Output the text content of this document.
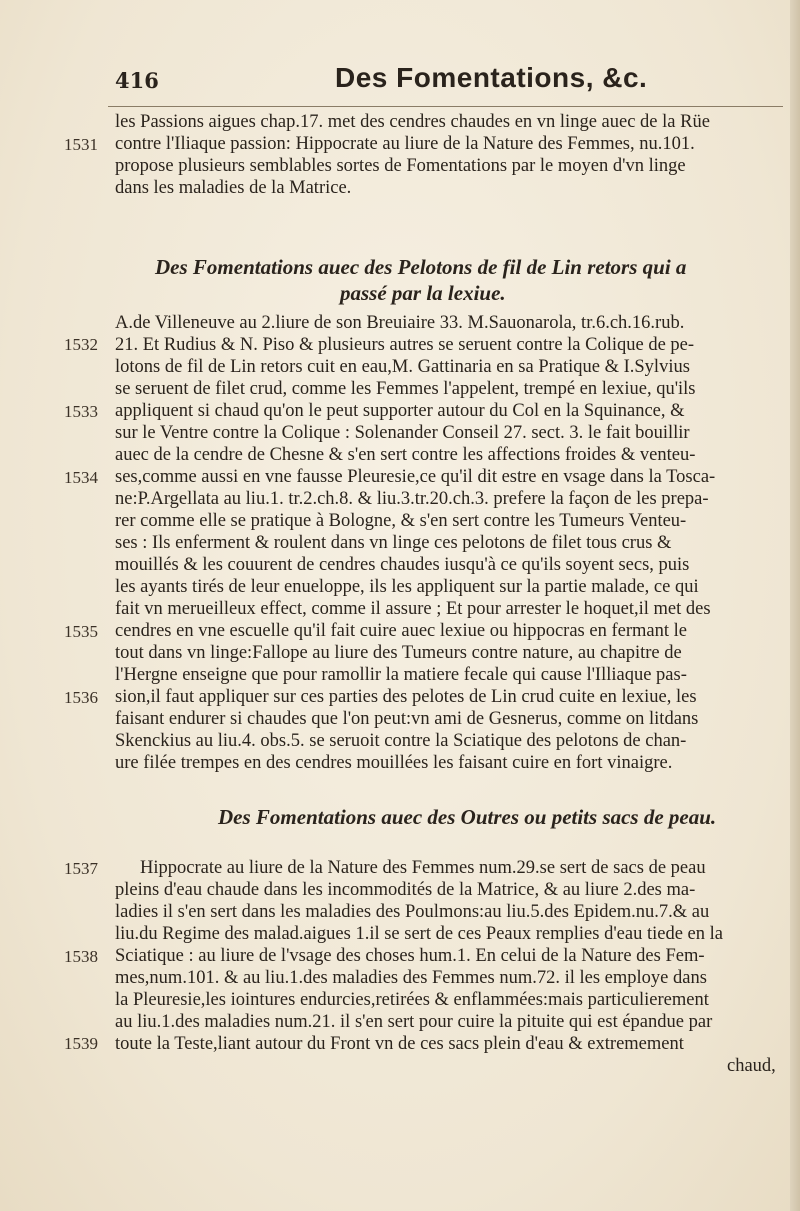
416	Des Fomentations, &c.
les Passions aigues chap.17. met des cendres chaudes en vn linge auec de la Rüe
contre l'Iliaque passion: Hippocrate au liure de la Nature des Femmes, nu.101.
propose plusieurs semblables sortes de Fomentations par le moyen d'vn linge
dans les maladies de la Matrice.
Des Fomentations auec des Pelotons de fil de Lin retors qui a
passé par la lexiue.
A.de Villeneuve au 2.liure de son Breuiaire 33. M.Sauonarola, tr.6.ch.16.rub.
21. Et Rudius & N. Piso & plusieurs autres se seruent contre la Colique de pe-
lotons de fil de Lin retors cuit en eau,M. Gattinaria en sa Pratique & I.Sylvius
se seruent de filet crud, comme les Femmes l'appelent, trempé en lexiue, qu'ils
appliquent si chaud qu'on le peut supporter autour du Col en la Squinance, &
sur le Ventre contre la Colique : Solenander Conseil 27. sect. 3. le fait bouillir
auec de la cendre de Chesne & s'en sert contre les affections froides & venteu-
ses,comme aussi en vne fausse Pleuresie,ce qu'il dit estre en vsage dans la Tosca-
ne:P.Argellata au liu.1. tr.2.ch.8. & liu.3.tr.20.ch.3. prefere la façon de les prepa-
rer comme elle se pratique à Bologne, & s'en sert contre les Tumeurs Venteu-
ses : Ils enferment & roulent dans vn linge ces pelotons de filet tous crus &
mouillés & les couurent de cendres chaudes iusqu'à ce qu'ils soyent secs, puis
les ayants tirés de leur enueloppe, ils les appliquent sur la partie malade, ce qui
fait vn merueilleux effect, comme il assure ; Et pour arrester le hoquet,il met des
cendres en vne escuelle qu'il fait cuire auec lexiue ou hippocras en fermant le
tout dans vn linge:Fallope au liure des Tumeurs contre nature, au chapitre de
l'Hergne enseigne que pour ramollir la matiere fecale qui cause l'Illiaque pas-
sion,il faut appliquer sur ces parties des pelotes de Lin crud cuite en lexiue, les
faisant endurer si chaudes que l'on peut:vn ami de Gesnerus, comme on litdans
Skenckius au liu.4. obs.5. se seruoit contre la Sciatique des pelotons de chan-
ure filée trempes en des cendres mouillées les faisant cuire en fort vinaigre.
Des Fomentations auec des Outres ou petits sacs de peau.
Hippocrate au liure de la Nature des Femmes num.29.se sert de sacs de peau
pleins d'eau chaude dans les incommodités de la Matrice, & au liure 2.des ma-
ladies il s'en sert dans les maladies des Poulmons:au liu.5.des Epidem.nu.7.& au
liu.du Regime des malad.aigues 1.il se sert de ces Peaux remplies d'eau tiede en la
Sciatique : au liure de l'vsage des choses hum.1. En celui de la Nature des Fem-
mes,num.101. & au liu.1.des maladies des Femmes num.72. il les employe dans
la Pleuresie,les iointures endurcies,retirées & enflammées:mais particulierement
au liu.1.des maladies num.21. il s'en sert pour cuire la pituite qui est épandue par
toute la Teste,liant autour du Front vn de ces sacs plein d'eau & extremement
chaud,
1531
1532
1533
1534
1535
1536
1537
1538
1539
